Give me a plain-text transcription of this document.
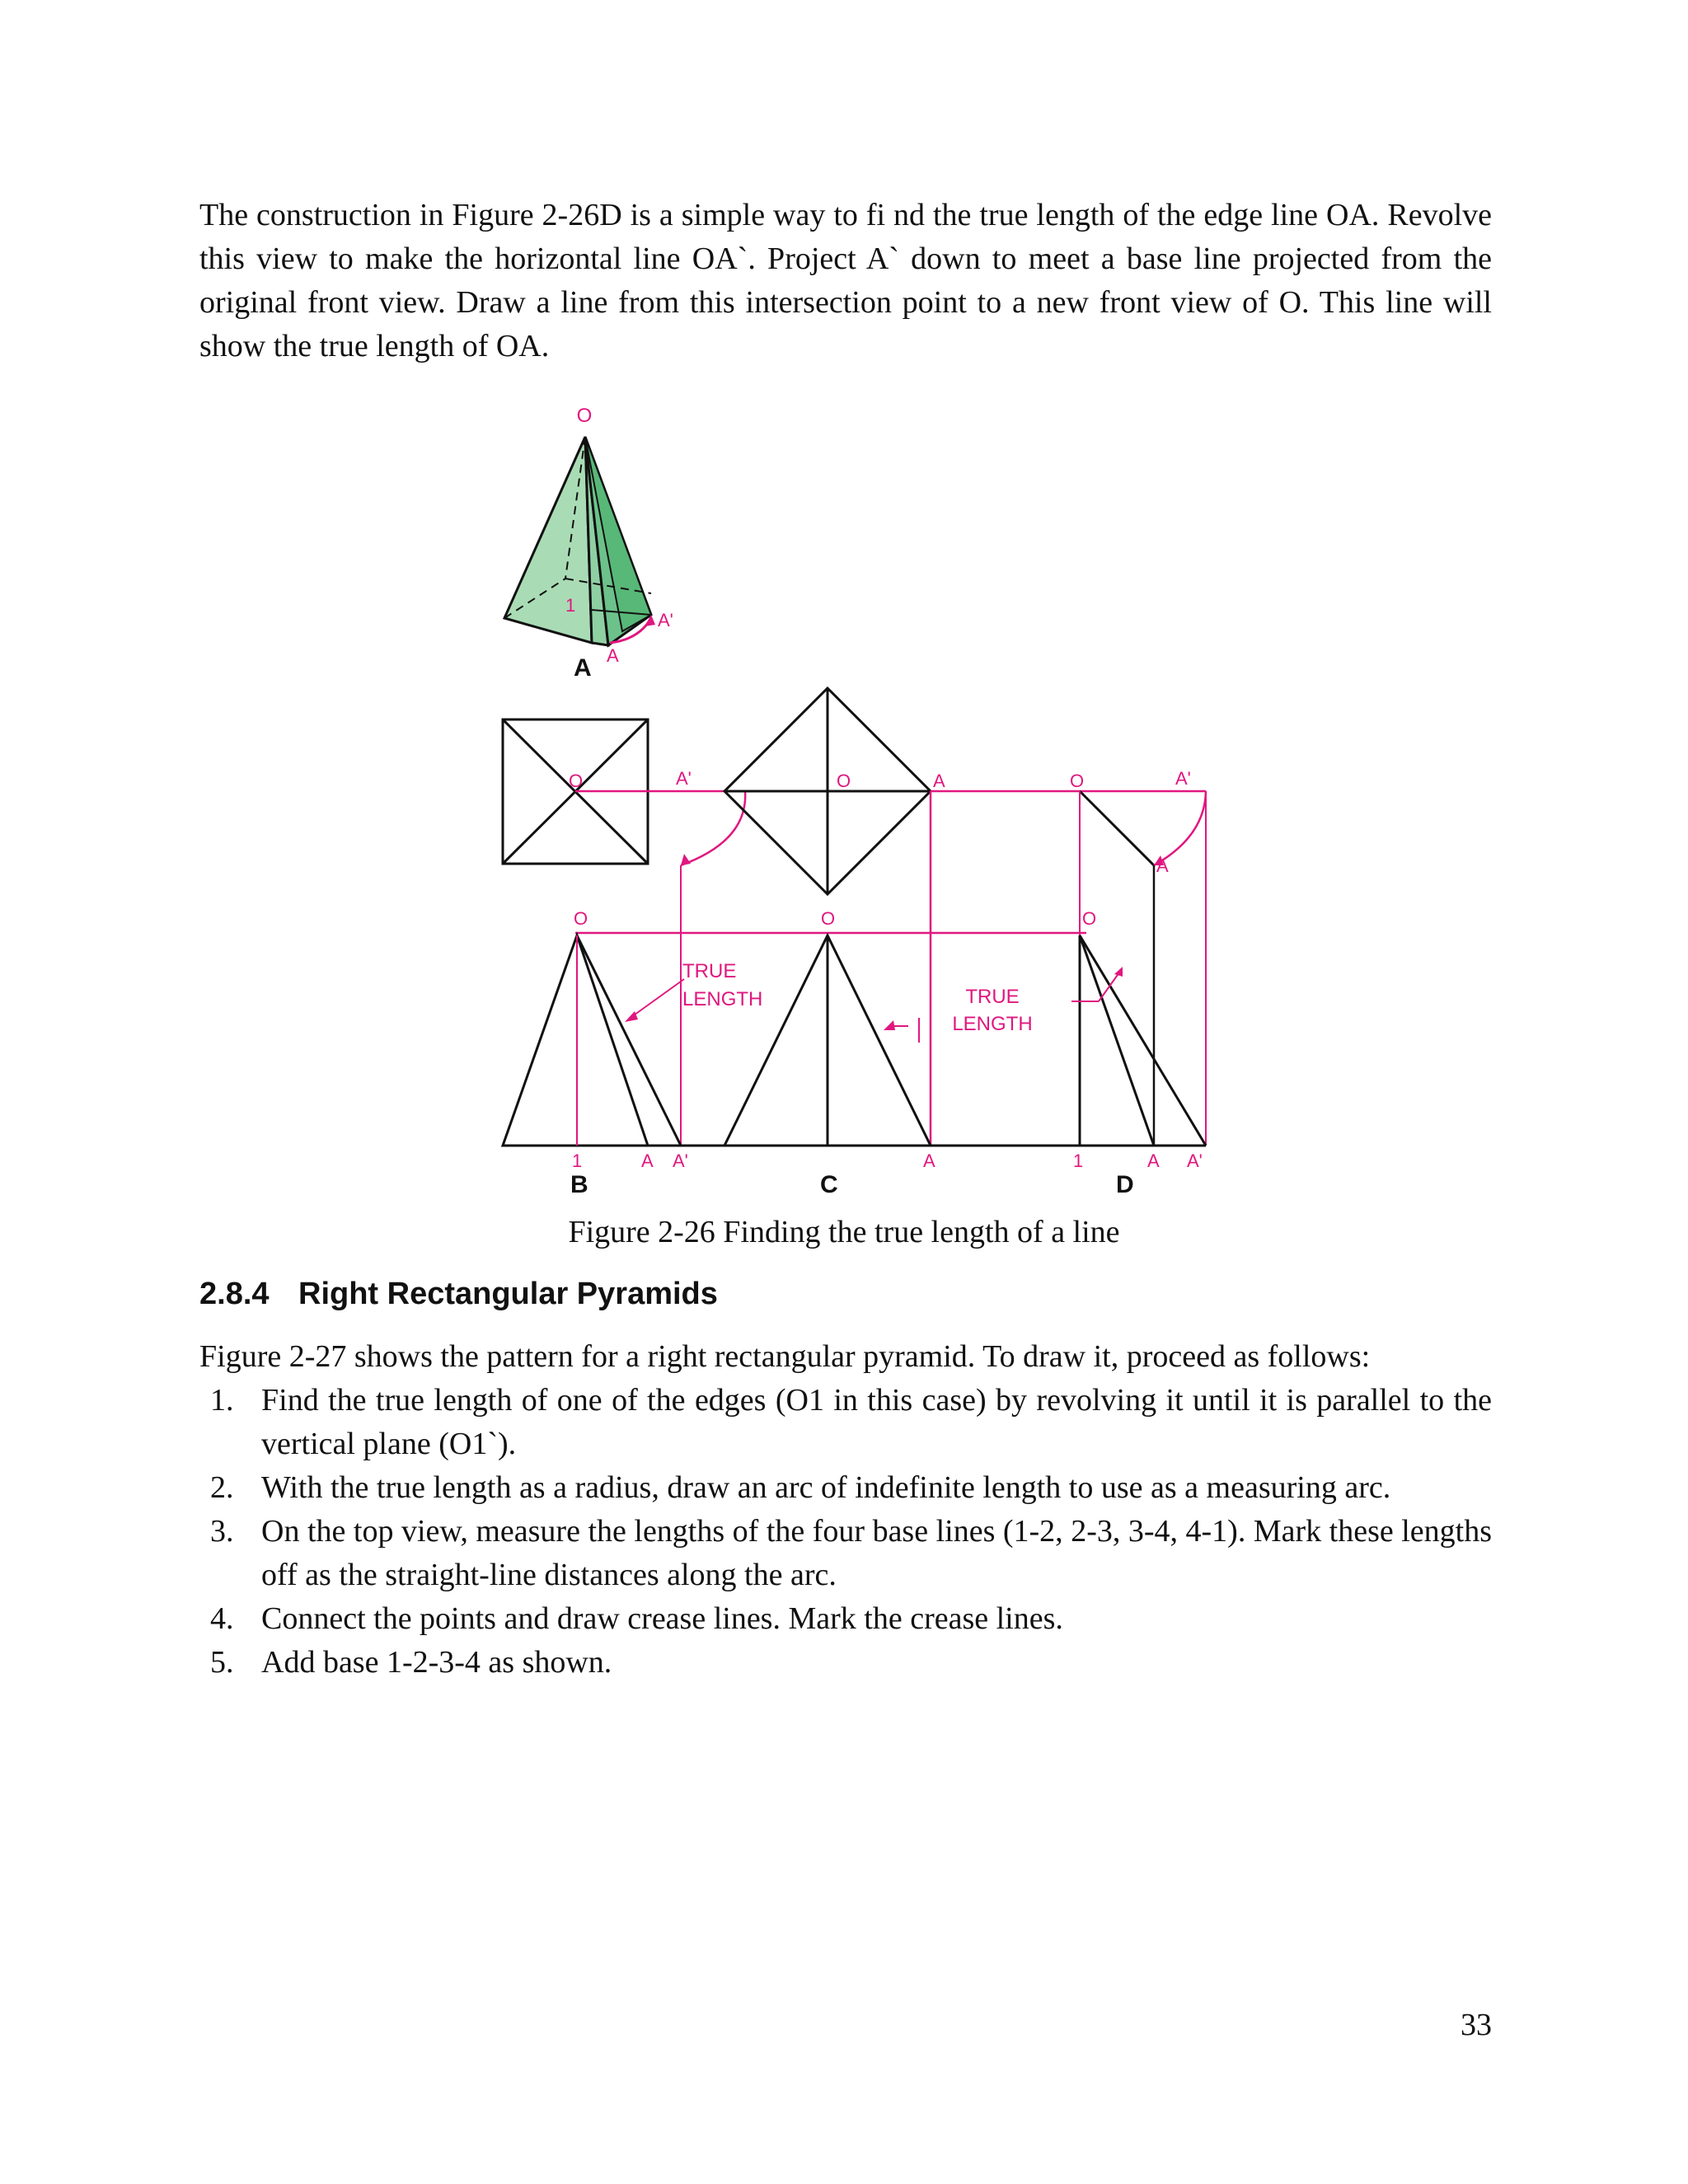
The construction in Figure 2-26D is a simple way to fi nd the true length of the edge line OA. Revolve this view to make the horizontal line OA`. Project A` down to meet a base line projected from the original front view. Draw a line from this intersection point to a new front view of O. This line will show the true length of OA.

O
1
A'
A
A
O	A'	O	A	O	A'
A
O	O	O
TRUE
LENGTH	TRUE
LENGTH
1	A A'	A	1	A A'
B	C	D
Figure 2-26 Finding the true length of a line
2.8.4 Right Rectangular Pyramids
Figure 2-27 shows the pattern for a right rectangular pyramid. To draw it, proceed as follows:
1. Find the true length of one of the edges (O1 in this case) by revolving it until it is parallel to the vertical plane (O1`).
2. With the true length as a radius, draw an arc of indefinite length to use as a measuring arc.
3. On the top view, measure the lengths of the four base lines (1-2, 2-3, 3-4, 4-1). Mark these lengths off as the straight-line distances along the arc.
4. Connect the points and draw crease lines. Mark the crease lines.
5. Add base 1-2-3-4 as shown.
33
